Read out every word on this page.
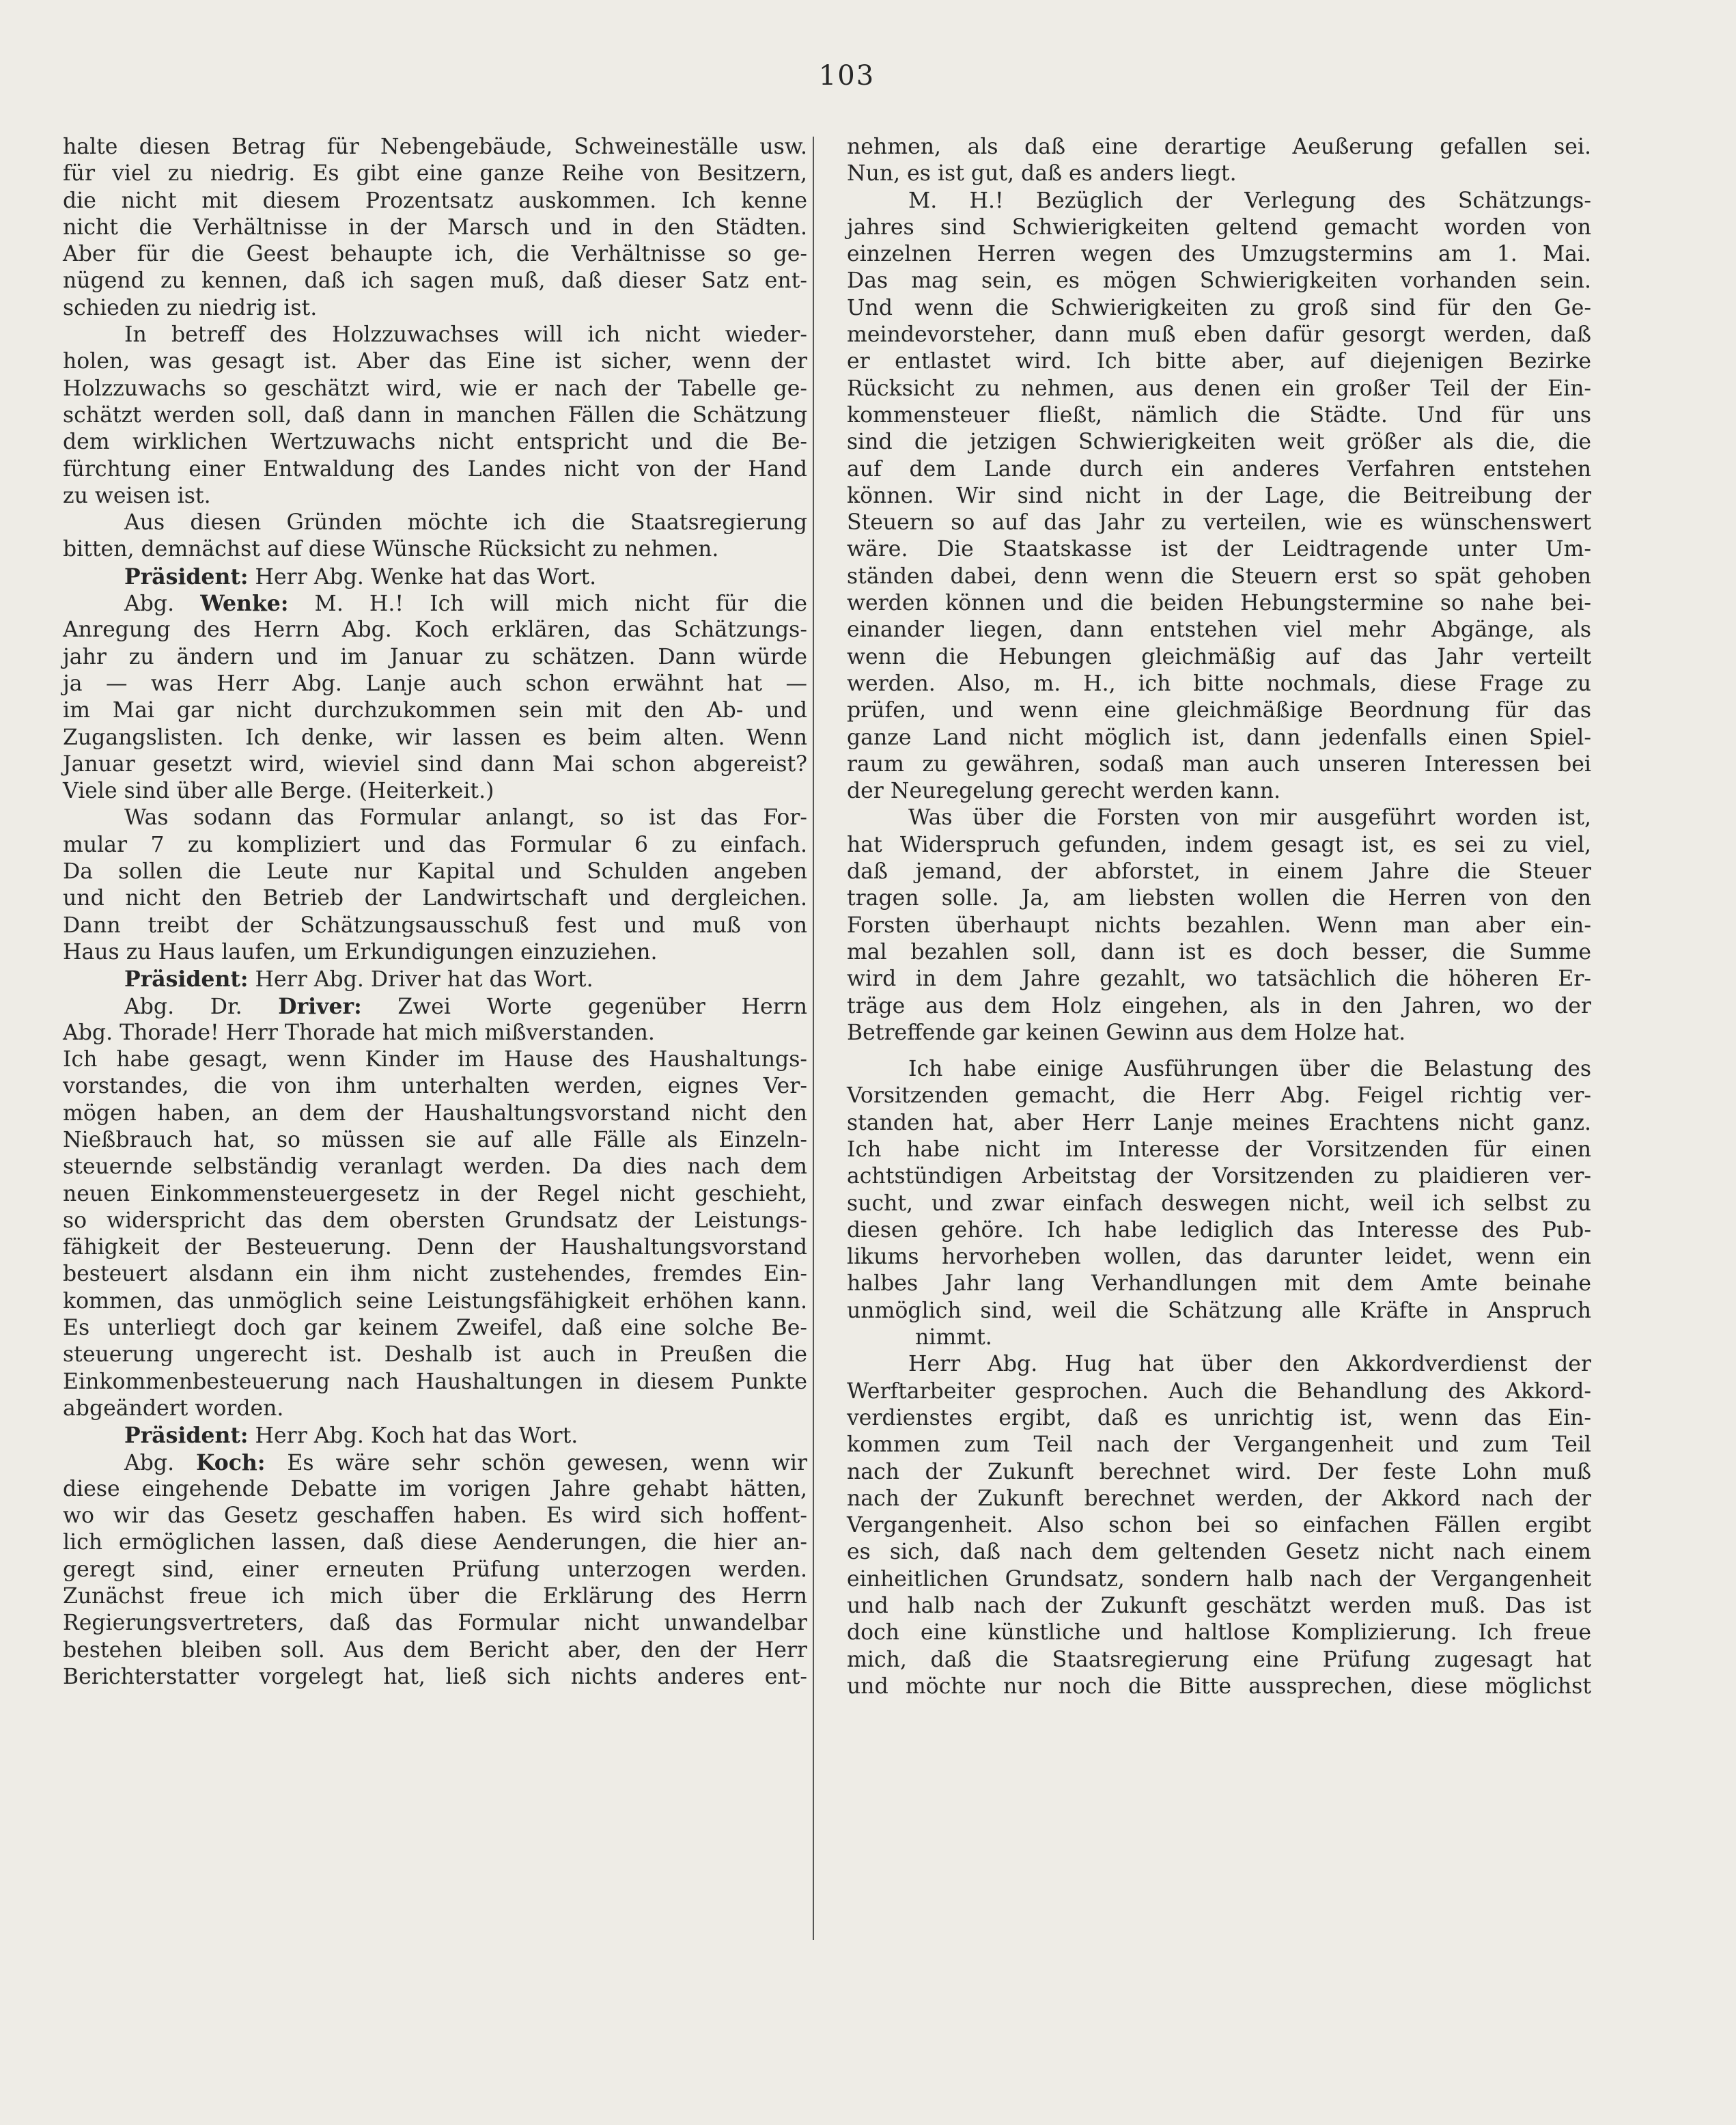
103
halte diesen Betrag für Nebengebäude, Schweineställe usw.
für viel zu niedrig. Es gibt eine ganze Reihe von Besitzern,
die nicht mit diesem Prozentsatz auskommen. Ich kenne
nicht die Verhältnisse in der Marsch und in den Städten.
Aber für die Geest behaupte ich, die Verhältnisse so ge-
nügend zu kennen, daß ich sagen muß, daß dieser Satz ent-
schieden zu niedrig ist.
In betreff des Holzzuwachses will ich nicht wieder-
holen, was gesagt ist. Aber das Eine ist sicher, wenn der
Holzzuwachs so geschätzt wird, wie er nach der Tabelle ge-
schätzt werden soll, daß dann in manchen Fällen die Schätzung
dem wirklichen Wertzuwachs nicht entspricht und die Be-
fürchtung einer Entwaldung des Landes nicht von der Hand
zu weisen ist.
Aus diesen Gründen möchte ich die Staatsregierung
bitten, demnächst auf diese Wünsche Rücksicht zu nehmen.
Präsident: Herr Abg. Wenke hat das Wort.
Abg. Wenke: M. H.! Ich will mich nicht für die
Anregung des Herrn Abg. Koch erklären, das Schätzungs-
jahr zu ändern und im Januar zu schätzen. Dann würde
ja — was Herr Abg. Lanje auch schon erwähnt hat —
im Mai gar nicht durchzukommen sein mit den Ab- und
Zugangslisten. Ich denke, wir lassen es beim alten. Wenn
Januar gesetzt wird, wieviel sind dann Mai schon abgereist?
Viele sind über alle Berge. (Heiterkeit.)
Was sodann das Formular anlangt, so ist das For-
mular 7 zu kompliziert und das Formular 6 zu einfach.
Da sollen die Leute nur Kapital und Schulden angeben
und nicht den Betrieb der Landwirtschaft und dergleichen.
Dann treibt der Schätzungsausschuß fest und muß von
Haus zu Haus laufen, um Erkundigungen einzuziehen.
Präsident: Herr Abg. Driver hat das Wort.
Abg. Dr. Driver: Zwei Worte gegenüber Herrn
Abg. Thorade! Herr Thorade hat mich mißverstanden.
Ich habe gesagt, wenn Kinder im Hause des Haushaltungs-
vorstandes, die von ihm unterhalten werden, eignes Ver-
mögen haben, an dem der Haushaltungsvorstand nicht den
Nießbrauch hat, so müssen sie auf alle Fälle als Einzeln-
steuernde selbständig veranlagt werden. Da dies nach dem
neuen Einkommensteuergesetz in der Regel nicht geschieht,
so widerspricht das dem obersten Grundsatz der Leistungs-
fähigkeit der Besteuerung. Denn der Haushaltungsvorstand
besteuert alsdann ein ihm nicht zustehendes, fremdes Ein-
kommen, das unmöglich seine Leistungsfähigkeit erhöhen kann.
Es unterliegt doch gar keinem Zweifel, daß eine solche Be-
steuerung ungerecht ist. Deshalb ist auch in Preußen die
Einkommenbesteuerung nach Haushaltungen in diesem Punkte
abgeändert worden.
Präsident: Herr Abg. Koch hat das Wort.
Abg. Koch: Es wäre sehr schön gewesen, wenn wir
diese eingehende Debatte im vorigen Jahre gehabt hätten,
wo wir das Gesetz geschaffen haben. Es wird sich hoffent-
lich ermöglichen lassen, daß diese Aenderungen, die hier an-
geregt sind, einer erneuten Prüfung unterzogen werden.
Zunächst freue ich mich über die Erklärung des Herrn
Regierungsvertreters, daß das Formular nicht unwandelbar
bestehen bleiben soll. Aus dem Bericht aber, den der Herr
Berichterstatter vorgelegt hat, ließ sich nichts anderes ent-
nehmen, als daß eine derartige Aeußerung gefallen sei.
Nun, es ist gut, daß es anders liegt.
M. H.! Bezüglich der Verlegung des Schätzungs-
jahres sind Schwierigkeiten geltend gemacht worden von
einzelnen Herren wegen des Umzugstermins am 1. Mai.
Das mag sein, es mögen Schwierigkeiten vorhanden sein.
Und wenn die Schwierigkeiten zu groß sind für den Ge-
meindevorsteher, dann muß eben dafür gesorgt werden, daß
er entlastet wird. Ich bitte aber, auf diejenigen Bezirke
Rücksicht zu nehmen, aus denen ein großer Teil der Ein-
kommensteuer fließt, nämlich die Städte. Und für uns
sind die jetzigen Schwierigkeiten weit größer als die, die
auf dem Lande durch ein anderes Verfahren entstehen
können. Wir sind nicht in der Lage, die Beitreibung der
Steuern so auf das Jahr zu verteilen, wie es wünschenswert
wäre. Die Staatskasse ist der Leidtragende unter Um-
ständen dabei, denn wenn die Steuern erst so spät gehoben
werden können und die beiden Hebungstermine so nahe bei-
einander liegen, dann entstehen viel mehr Abgänge, als
wenn die Hebungen gleichmäßig auf das Jahr verteilt
werden. Also, m. H., ich bitte nochmals, diese Frage zu
prüfen, und wenn eine gleichmäßige Beordnung für das
ganze Land nicht möglich ist, dann jedenfalls einen Spiel-
raum zu gewähren, sodaß man auch unseren Interessen bei
der Neuregelung gerecht werden kann.
Was über die Forsten von mir ausgeführt worden ist,
hat Widerspruch gefunden, indem gesagt ist, es sei zu viel,
daß jemand, der abforstet, in einem Jahre die Steuer
tragen solle. Ja, am liebsten wollen die Herren von den
Forsten überhaupt nichts bezahlen. Wenn man aber ein-
mal bezahlen soll, dann ist es doch besser, die Summe
wird in dem Jahre gezahlt, wo tatsächlich die höheren Er-
träge aus dem Holz eingehen, als in den Jahren, wo der
Betreffende gar keinen Gewinn aus dem Holze hat.
Ich habe einige Ausführungen über die Belastung des
Vorsitzenden gemacht, die Herr Abg. Feigel richtig ver-
standen hat, aber Herr Lanje meines Erachtens nicht ganz.
Ich habe nicht im Interesse der Vorsitzenden für einen
achtstündigen Arbeitstag der Vorsitzenden zu plaidieren ver-
sucht, und zwar einfach deswegen nicht, weil ich selbst zu
diesen gehöre. Ich habe lediglich das Interesse des Pub-
likums hervorheben wollen, das darunter leidet, wenn ein
halbes Jahr lang Verhandlungen mit dem Amte beinahe
unmöglich sind, weil die Schätzung alle Kräfte in Anspruch
nimmt.
Herr Abg. Hug hat über den Akkordverdienst der
Werftarbeiter gesprochen. Auch die Behandlung des Akkord-
verdienstes ergibt, daß es unrichtig ist, wenn das Ein-
kommen zum Teil nach der Vergangenheit und zum Teil
nach der Zukunft berechnet wird. Der feste Lohn muß
nach der Zukunft berechnet werden, der Akkord nach der
Vergangenheit. Also schon bei so einfachen Fällen ergibt
es sich, daß nach dem geltenden Gesetz nicht nach einem
einheitlichen Grundsatz, sondern halb nach der Vergangenheit
und halb nach der Zukunft geschätzt werden muß. Das ist
doch eine künstliche und haltlose Komplizierung. Ich freue
mich, daß die Staatsregierung eine Prüfung zugesagt hat
und möchte nur noch die Bitte aussprechen, diese möglichst
